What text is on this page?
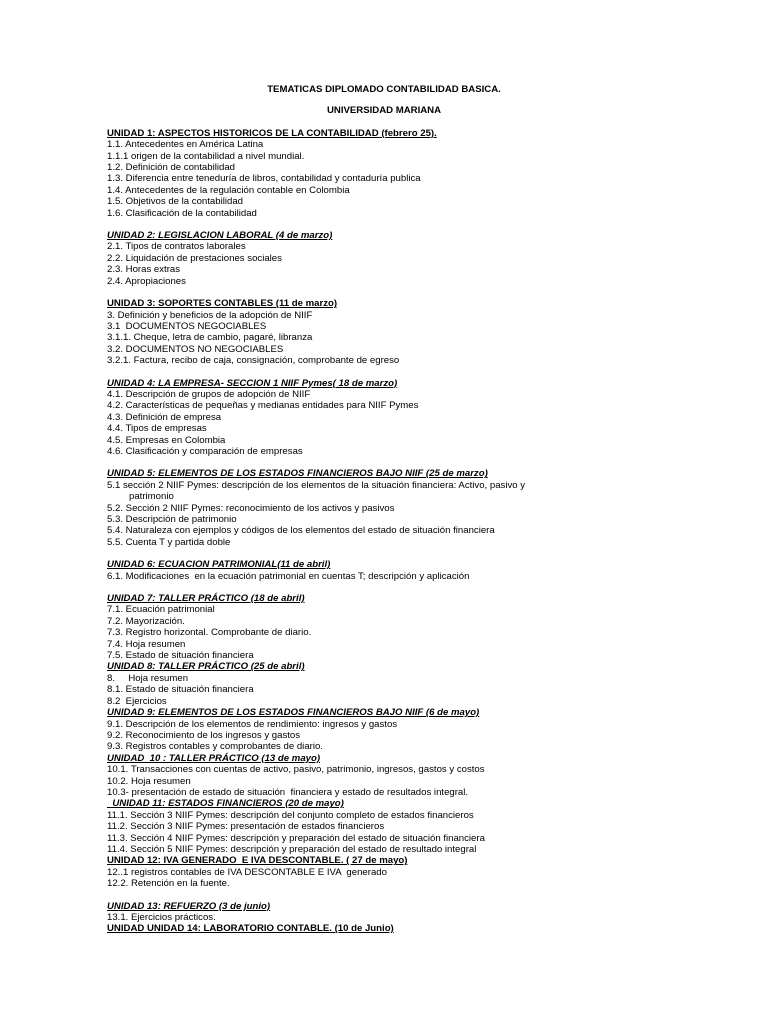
TEMATICAS DIPLOMADO CONTABILIDAD BASICA.
UNIVERSIDAD MARIANA
UNIDAD 1: ASPECTOS HISTORICOS DE LA CONTABILIDAD (febrero 25).
1.1. Antecedentes en América Latina
1.1.1 origen de la contabilidad a nivel mundial.
1.2. Definición de contabilidad
1.3. Diferencia entre teneduría de libros, contabilidad y contaduría publica
1.4. Antecedentes de la regulación contable en Colombia
1.5. Objetivos de la contabilidad
1.6. Clasificación de la contabilidad
UNIDAD 2: LEGISLACION LABORAL (4 de marzo)
2.1. Tipos de contratos laborales
2.2. Liquidación de prestaciones sociales
2.3. Horas extras
2.4. Apropiaciones
UNIDAD 3: SOPORTES CONTABLES (11 de marzo)
3. Definición y beneficios de la adopción de NIIF
3.1  DOCUMENTOS NEGOCIABLES
3.1.1. Cheque, letra de cambio, pagaré, libranza
3.2. DOCUMENTOS NO NEGOCIABLES
3.2.1. Factura, recibo de caja, consignación, comprobante de egreso
UNIDAD 4: LA EMPRESA- SECCION 1 NIIF Pymes( 18 de marzo)
4.1. Descripción de grupos de adopción de NIIF
4.2. Características de pequeñas y medianas entidades para NIIF Pymes
4.3. Definición de empresa
4.4. Tipos de empresas
4.5. Empresas en Colombia
4.6. Clasificación y comparación de empresas
UNIDAD 5: ELEMENTOS DE LOS ESTADOS FINANCIEROS BAJO NIIF (25 de marzo)
5.1 sección 2 NIIF Pymes: descripción de los elementos de la situación financiera: Activo, pasivo y
patrimonio
5.2. Sección 2 NIIF Pymes: reconocimiento de los activos y pasivos
5.3. Descripción de patrimonio
5.4. Naturaleza con ejemplos y códigos de los elementos del estado de situación financiera
5.5. Cuenta T y partida doble
UNIDAD 6: ECUACION PATRIMONIAL(11 de abril)
6.1. Modificaciones  en la ecuación patrimonial en cuentas T; descripción y aplicación
UNIDAD 7: TALLER PRÁCTICO (18 de abril)
7.1. Ecuación patrimonial
7.2. Mayorización.
7.3. Registro horizontal. Comprobante de diario.
7.4. Hoja resumen
7.5. Estado de situación financiera
UNIDAD 8: TALLER PRÁCTICO (25 de abril)
8.     Hoja resumen
8.1. Estado de situación financiera
8.2  Ejercicios
UNIDAD 9: ELEMENTOS DE LOS ESTADOS FINANCIEROS BAJO NIIF (6 de mayo)
9.1. Descripción de los elementos de rendimiento: ingresos y gastos
9.2. Reconocimiento de los ingresos y gastos
9.3. Registros contables y comprobantes de diario.
UNIDAD  10 : TALLER PRÁCTICO (13 de mayo)
10.1. Transacciones con cuentas de activo, pasivo, patrimonio, ingresos, gastos y costos
10.2. Hoja resumen
10.3- presentación de estado de situación  financiera y estado de resultados integral.
UNIDAD 11: ESTADOS FINANCIEROS (20 de mayo)
11.1. Sección 3 NIIF Pymes: descripción del conjunto completo de estados financieros
11.2. Sección 3 NIIF Pymes: presentación de estados financieros
11.3. Sección 4 NIIF Pymes: descripción y preparación del estado de situación financiera
11.4. Sección 5 NIIF Pymes: descripción y preparación del estado de resultado integral
UNIDAD 12: IVA GENERADO  E IVA DESCONTABLE. ( 27 de mayo)
12..1 registros contables de IVA DESCONTABLE E IVA  generado
12.2. Retención en la fuente.
UNIDAD 13: REFUERZO (3 de junio)
13.1. Ejercicios prácticos.
UNIDAD UNIDAD 14: LABORATORIO CONTABLE. (10 de Junio)
